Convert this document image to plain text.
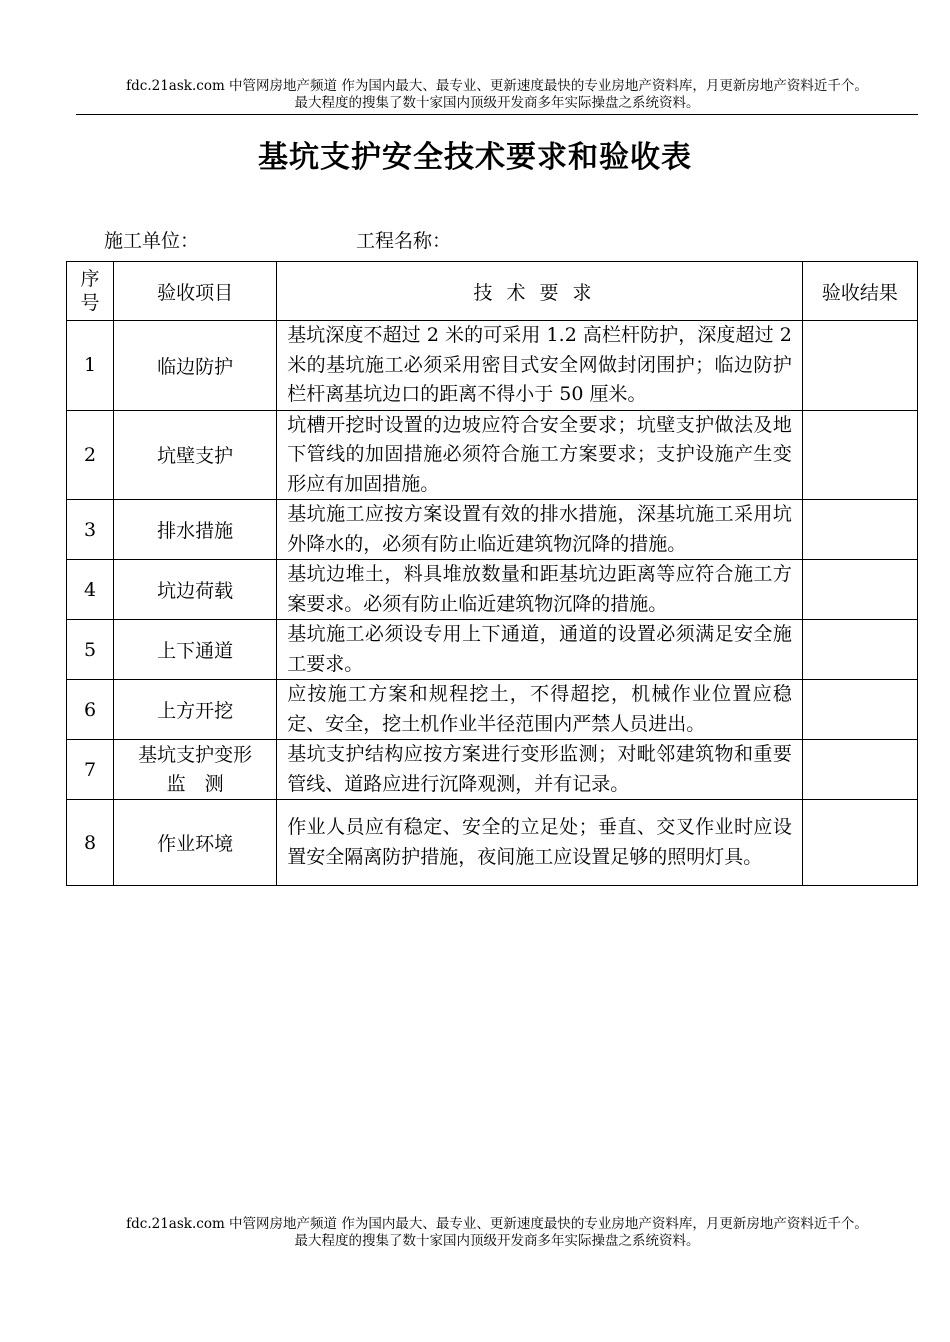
fdc.21ask.com 中管网房地产频道 作为国内最大、最专业、更新速度最快的专业房地产资料库，月更新房地产资料近千个。
最大程度的搜集了数十家国内顶级开发商多年实际操盘之系统资料。
基坑支护安全技术要求和验收表
施工单位：	工程名称：
序
号	验收项目	技术要求	验收结果
1	临边防护	基坑深度不超过 2 米的可采用 1.2 高栏杆防护，深度超过 2 米的基坑施工必须采用密目式安全网做封闭围护；临边防护栏杆离基坑边口的距离不得小于 50 厘米。	

2	坑壁支护	坑槽开挖时设置的边坡应符合安全要求；坑壁支护做法及地下管线的加固措施必须符合施工方案要求；支护设施产生变形应有加固措施。	

3	排水措施	基坑施工应按方案设置有效的排水措施，深基坑施工采用坑外降水的，必须有防止临近建筑物沉降的措施。	

4	坑边荷载	基坑边堆土，料具堆放数量和距基坑边距离等应符合施工方案要求。必须有防止临近建筑物沉降的措施。	

5	上下通道	基坑施工必须设专用上下通道，通道的设置必须满足安全施工要求。	

6	上方开挖	应按施工方案和规程挖土，不得超挖，机械作业位置应稳定、安全，挖土机作业半径范围内严禁人员进出。	

7	基坑支护变形
监　测	基坑支护结构应按方案进行变形监测；对毗邻建筑物和重要管线、道路应进行沉降观测，并有记录。	

8	作业环境	作业人员应有稳定、安全的立足处；垂直、交叉作业时应设置安全隔离防护措施，夜间施工应设置足够的照明灯具。	

fdc.21ask.com 中管网房地产频道 作为国内最大、最专业、更新速度最快的专业房地产资料库，月更新房地产资料近千个。
最大程度的搜集了数十家国内顶级开发商多年实际操盘之系统资料。
